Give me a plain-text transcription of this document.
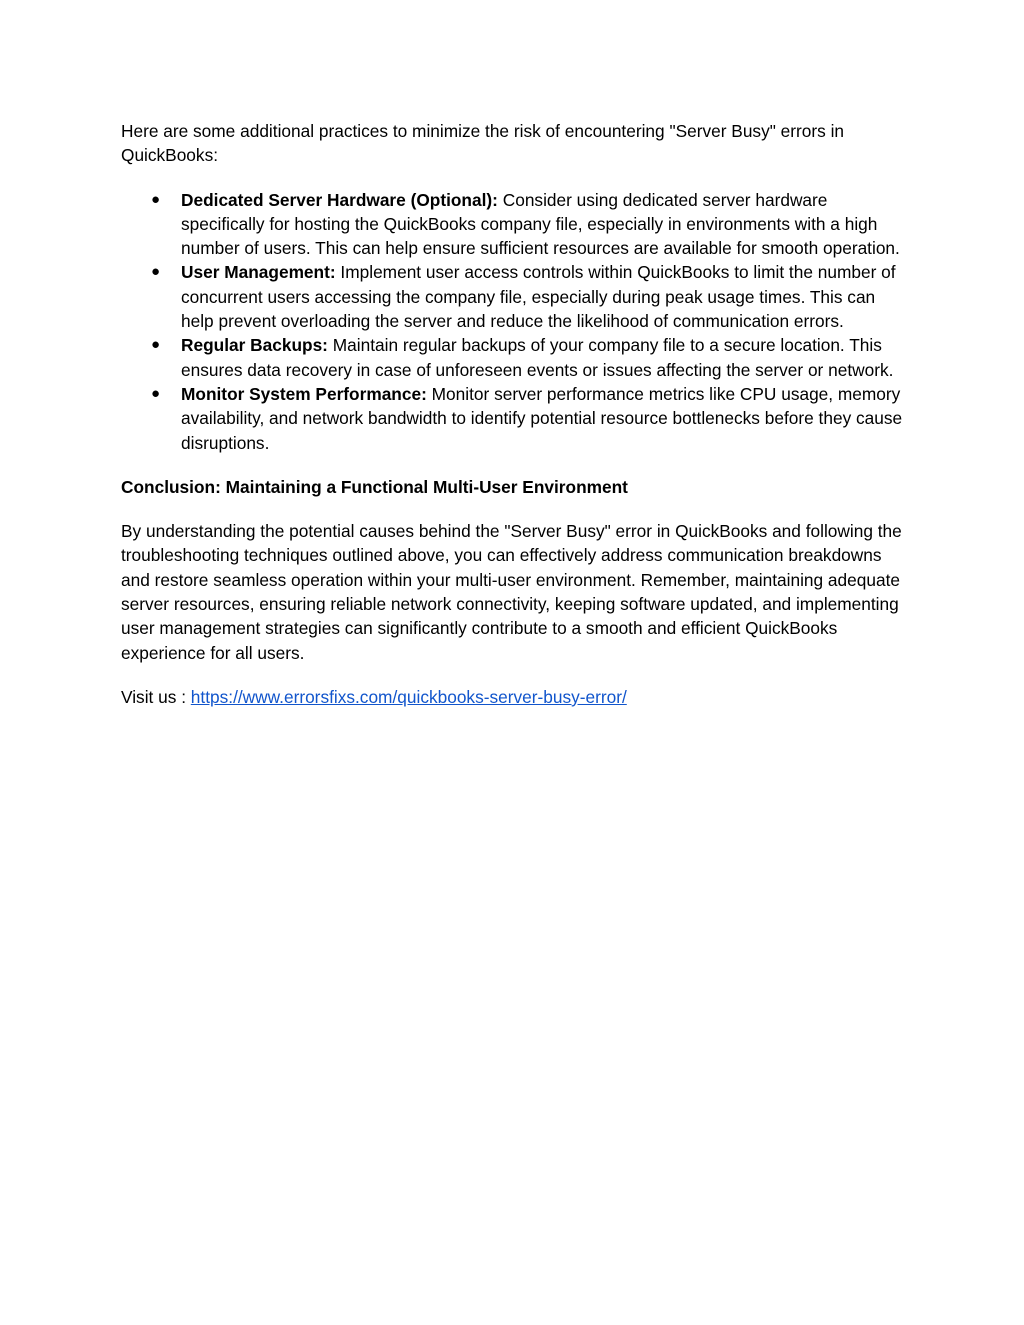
Here are some additional practices to minimize the risk of encountering "Server Busy" errors in QuickBooks:

● Dedicated Server Hardware (Optional): Consider using dedicated server hardware specifically for hosting the QuickBooks company file, especially in environments with a high number of users. This can help ensure sufficient resources are available for smooth operation.
● User Management: Implement user access controls within QuickBooks to limit the number of concurrent users accessing the company file, especially during peak usage times. This can help prevent overloading the server and reduce the likelihood of communication errors.
● Regular Backups: Maintain regular backups of your company file to a secure location. This ensures data recovery in case of unforeseen events or issues affecting the server or network.
● Monitor System Performance: Monitor server performance metrics like CPU usage, memory availability, and network bandwidth to identify potential resource bottlenecks before they cause disruptions.
Conclusion: Maintaining a Functional Multi-User Environment

By understanding the potential causes behind the "Server Busy" error in QuickBooks and following the troubleshooting techniques outlined above, you can effectively address communication breakdowns and restore seamless operation within your multi-user environment. Remember, maintaining adequate server resources, ensuring reliable network connectivity, keeping software updated, and implementing user management strategies can significantly contribute to a smooth and efficient QuickBooks experience for all users.

Visit us : https://www.errorsfixs.com/quickbooks-server-busy-error/
